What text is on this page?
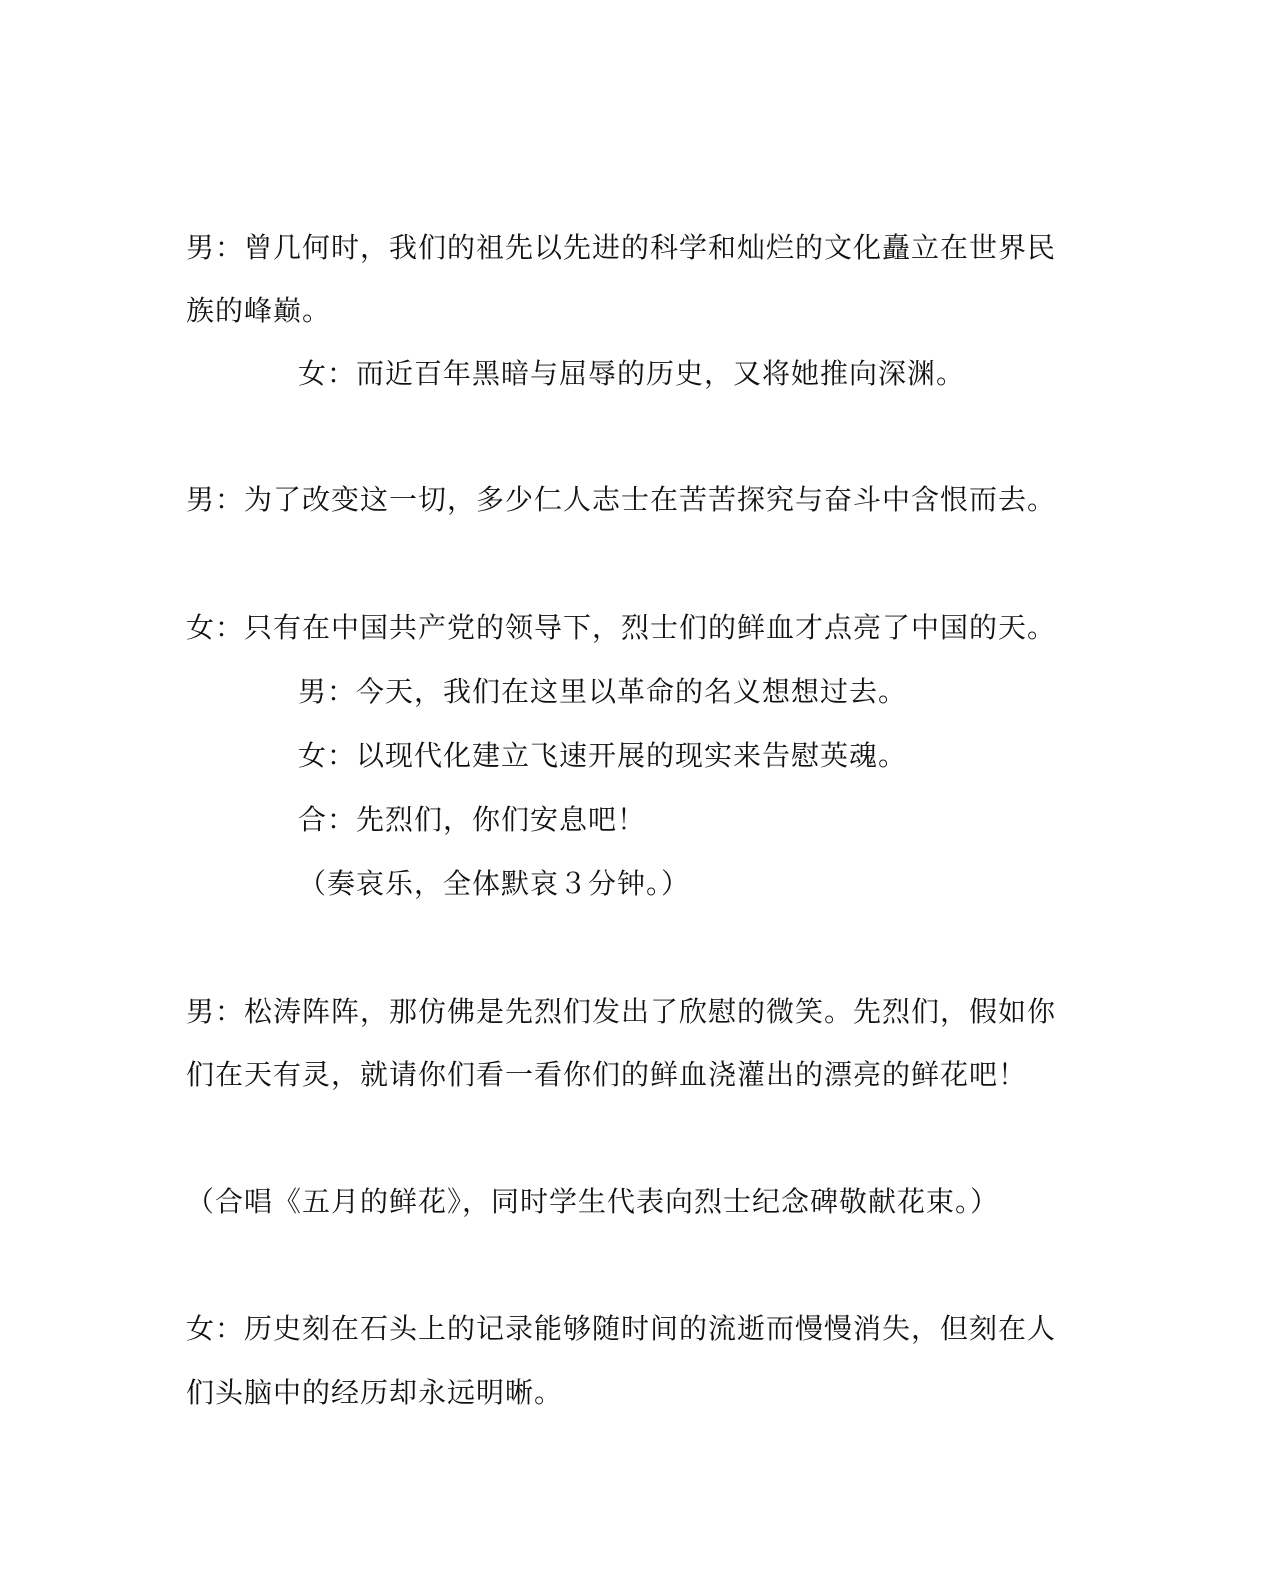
男：曾几何时，我们的祖先以先进的科学和灿烂的文化矗立在世界民
族的峰巅。
女：而近百年黑暗与屈辱的历史，又将她推向深渊。
男：为了改变这一切，多少仁人志士在苦苦探究与奋斗中含恨而去。
女：只有在中国共产党的领导下，烈士们的鲜血才点亮了中国的天。
男：今天，我们在这里以革命的名义想想过去。
女：以现代化建立飞速开展的现实来告慰英魂。
合：先烈们，你们安息吧！
（奏哀乐，全体默哀３分钟。）
男：松涛阵阵，那仿佛是先烈们发出了欣慰的微笑。先烈们，假如你
们在天有灵，就请你们看一看你们的鲜血浇灌出的漂亮的鲜花吧！
（合唱《五月的鲜花》，同时学生代表向烈士纪念碑敬献花束。）
女：历史刻在石头上的记录能够随时间的流逝而慢慢消失，但刻在人
们头脑中的经历却永远明晰。
